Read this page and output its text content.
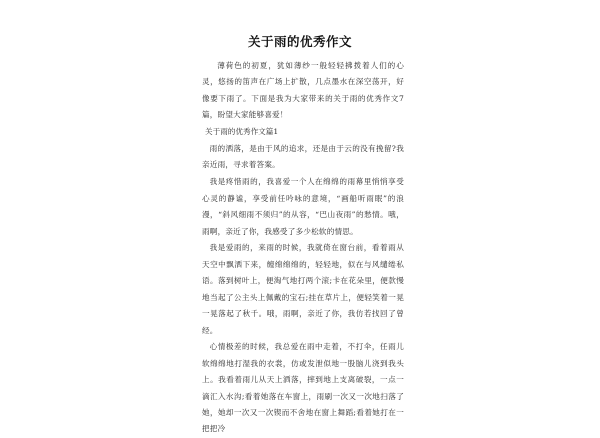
关于雨的优秀作文

薄荷色的初夏，犹如薄纱一般轻轻拂拨着人们的心灵，悠扬的笛声在广场上扩散，几点墨水在深空荡开，好像要下雨了。下面是我为大家带来的关于雨的优秀作文7篇，盼望大家能够喜爱！

关于雨的优秀作文篇1

雨的洒落，是由于风的追求，还是由于云的没有挽留?我亲近雨，寻求着答案。

我是疼惜雨的，我喜爱一个人在绵绵的雨幕里悄悄享受心灵的静谧，享受前任吟咏的意境，“画船听雨眠”的浪漫，“斜风细雨不须归”的从容，“巴山夜雨”的愁情。哦，雨啊，亲近了你，我感受了多少松软的情思。

我是爱雨的，来雨的时候，我就倚在窗台前，看着雨从天空中飘洒下来，缠绵绵绵的，轻轻地，似在与风缱绻私语。落到树叶上，便淘气地打两个滚;卡在花朵里，便款慢地当起了公主头上佩戴的宝石;挂在草片上，便轻笑着一晃一晃落起了秋千。哦，雨啊，亲近了你，我仿若找回了曾经。

心情极差的时候，我总爱在雨中走着，不打伞，任雨儿软绵绵地打湿我的衣裳，仿或发泄似地一股脑儿浇到我头上。我看着雨儿从天上洒落，摔到地上支离破裂，一点一滴汇入水沟;看着她落在车窗上，雨刷一次又一次地扫落了她，她却一次又一次锲而不舍地在窗上舞蹈;看着她打在一把把冷
